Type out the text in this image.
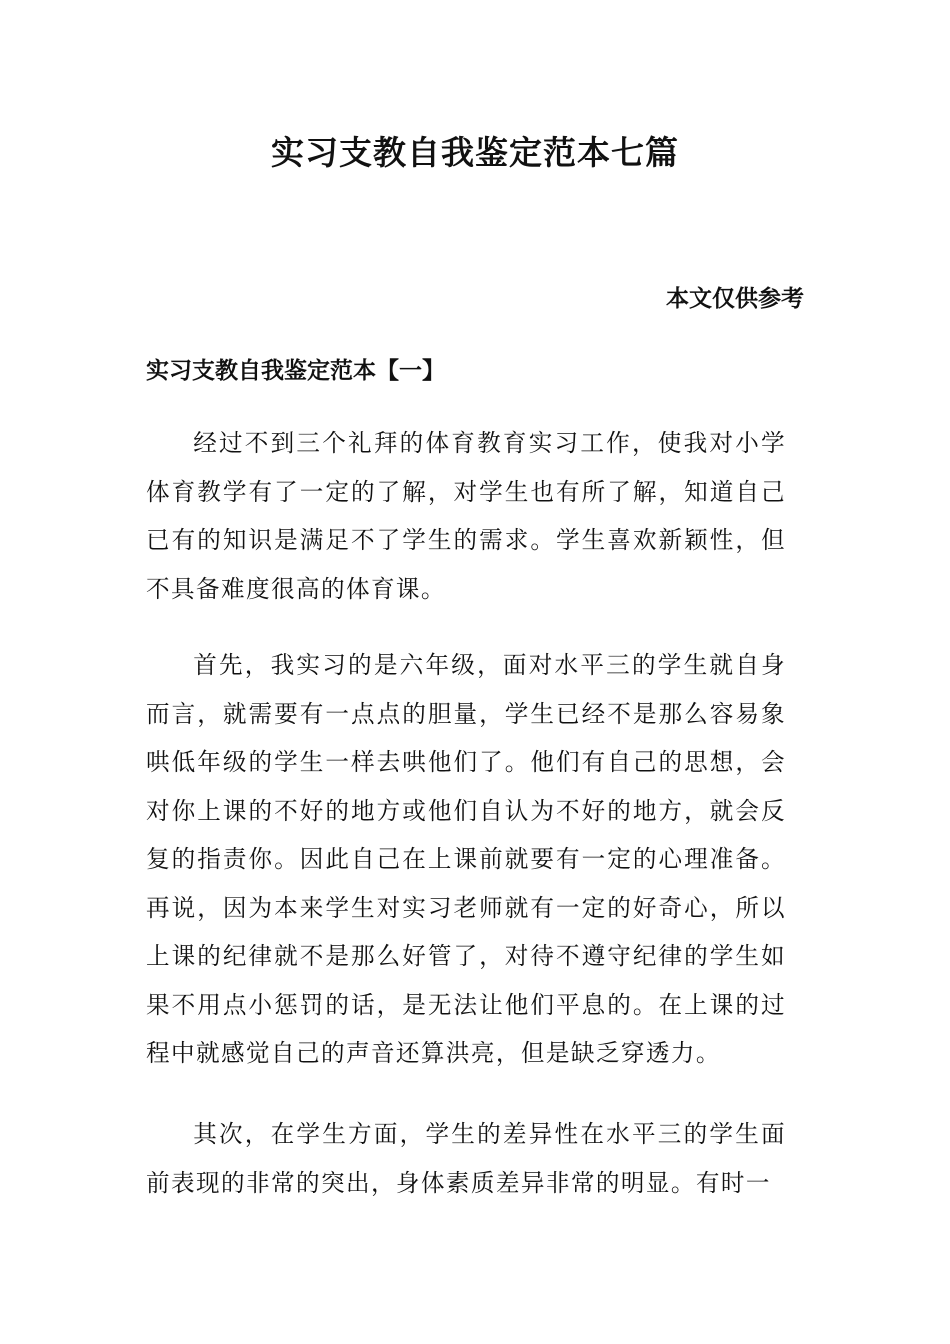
实习支教自我鉴定范本七篇
本文仅供参考
实习支教自我鉴定范本【一】

经过不到三个礼拜的体育教育实习工作，使我对小学体育教学有了一定的了解，对学生也有所了解，知道自己已有的知识是满足不了学生的需求。学生喜欢新颖性，但不具备难度很高的体育课。

首先，我实习的是六年级，面对水平三的学生就自身而言，就需要有一点点的胆量，学生已经不是那么容易象哄低年级的学生一样去哄他们了。他们有自己的思想，会对你上课的不好的地方或他们自认为不好的地方，就会反复的指责你。因此自己在上课前就要有一定的心理准备。再说，因为本来学生对实习老师就有一定的好奇心，所以上课的纪律就不是那么好管了，对待不遵守纪律的学生如果不用点小惩罚的话，是无法让他们平息的。在上课的过程中就感觉自己的声音还算洪亮，但是缺乏穿透力。

其次，在学生方面，学生的差异性在水平三的学生面前表现的非常的突出，身体素质差异非常的明显。有时一
